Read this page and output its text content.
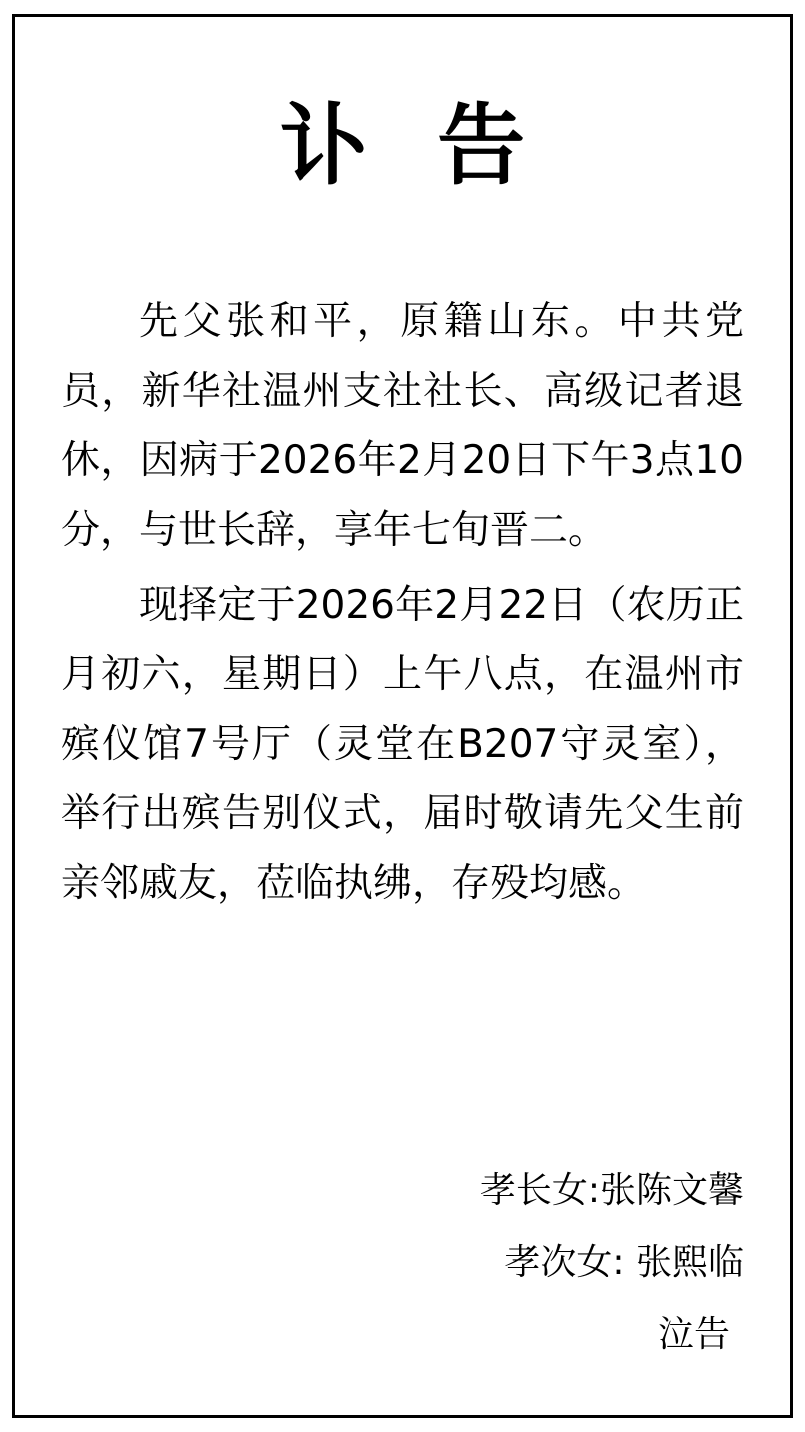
讣 告

先父张和平，原籍山东。中共党员，新华社温州支社社长、高级记者退休，因病于2026年2月20日下午3点10分，与世长辞，享年七旬晋二。

现择定于2026年2月22日（农历正月初六，星期日）上午八点，在温州市殡仪馆7号厅（灵堂在B207守灵室），举行出殡告别仪式，届时敬请先父生前亲邻戚友，莅临执绋，存殁均感。

孝长女:张陈文馨
孝次女: 张熙临
泣告
